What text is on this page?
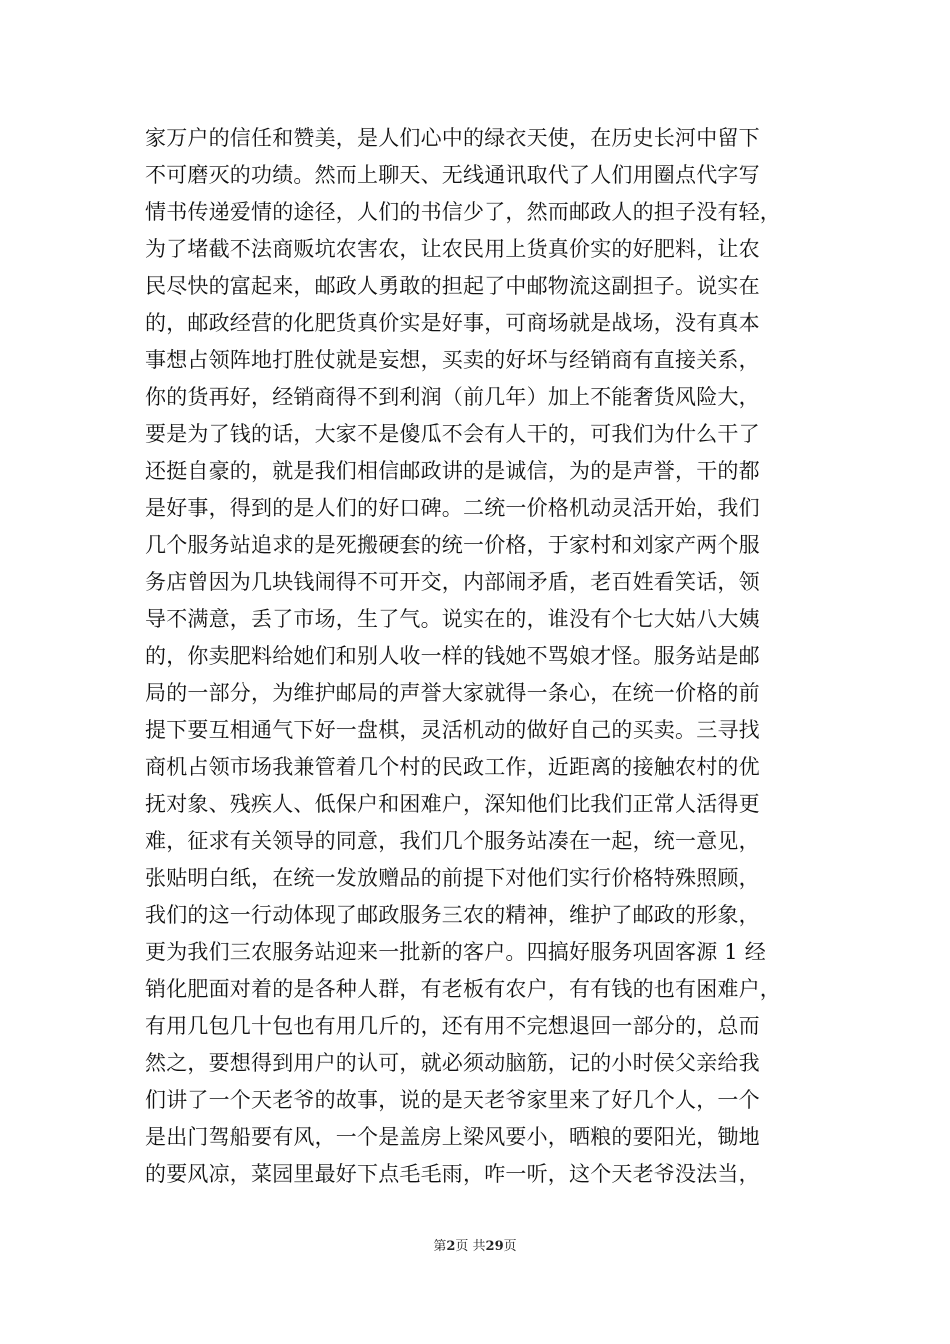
家万户的信任和赞美，是人们心中的绿衣天使，在历史长河中留下
不可磨灭的功绩。然而上聊天、无线通讯取代了人们用圈点代字写
情书传递爱情的途径，人们的书信少了，然而邮政人的担子没有轻，
为了堵截不法商贩坑农害农，让农民用上货真价实的好肥料，让农
民尽快的富起来，邮政人勇敢的担起了中邮物流这副担子。说实在
的，邮政经营的化肥货真价实是好事，可商场就是战场，没有真本
事想占领阵地打胜仗就是妄想，买卖的好坏与经销商有直接关系，
你的货再好，经销商得不到利润（前几年）加上不能奢货风险大，
要是为了钱的话，大家不是傻瓜不会有人干的，可我们为什么干了
还挺自豪的，就是我们相信邮政讲的是诚信，为的是声誉，干的都
是好事，得到的是人们的好口碑。二统一价格机动灵活开始，我们
几个服务站追求的是死搬硬套的统一价格，于家村和刘家产两个服
务店曾因为几块钱闹得不可开交，内部闹矛盾，老百姓看笑话，领
导不满意，丢了市场，生了气。说实在的，谁没有个七大姑八大姨
的，你卖肥料给她们和别人收一样的钱她不骂娘才怪。服务站是邮
局的一部分，为维护邮局的声誉大家就得一条心，在统一价格的前
提下要互相通气下好一盘棋，灵活机动的做好自己的买卖。三寻找
商机占领市场我兼管着几个村的民政工作，近距离的接触农村的优
抚对象、残疾人、低保户和困难户，深知他们比我们正常人活得更
难，征求有关领导的同意，我们几个服务站凑在一起，统一意见，
张贴明白纸，在统一发放赠品的前提下对他们实行价格特殊照顾，
我们的这一行动体现了邮政服务三农的精神，维护了邮政的形象，
更为我们三农服务站迎来一批新的客户。四搞好服务巩固客源 1 经
销化肥面对着的是各种人群，有老板有农户，有有钱的也有困难户，
有用几包几十包也有用几斤的，还有用不完想退回一部分的，总而
然之，要想得到用户的认可，就必须动脑筋，记的小时侯父亲给我
们讲了一个天老爷的故事，说的是天老爷家里来了好几个人，一个
是出门驾船要有风，一个是盖房上梁风要小，晒粮的要阳光，锄地
的要风凉，菜园里最好下点毛毛雨，咋一听，这个天老爷没法当，
第2页 共29页
